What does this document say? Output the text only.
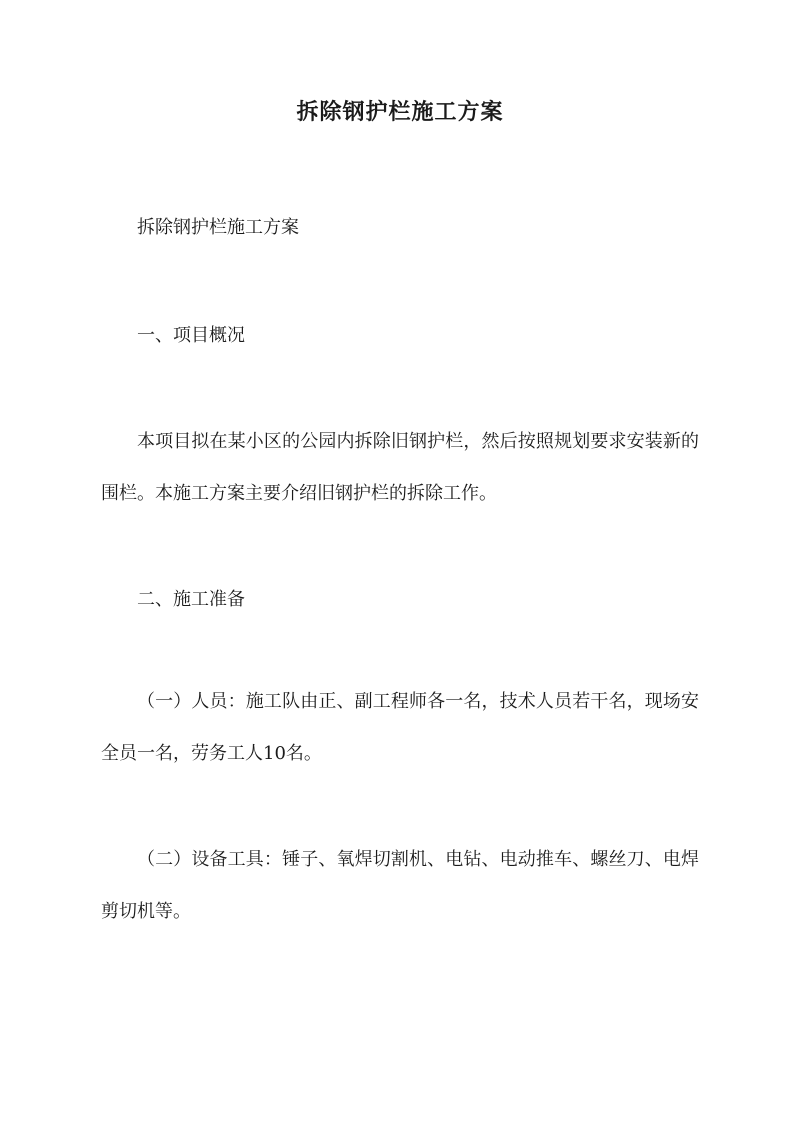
拆除钢护栏施工方案

拆除钢护栏施工方案

一、项目概况

本项目拟在某小区的公园内拆除旧钢护栏，然后按照规划要求安装新的围栏。本施工方案主要介绍旧钢护栏的拆除工作。

二、施工准备

（一）人员：施工队由正、副工程师各一名，技术人员若干名，现场安全员一名，劳务工人10名。

（二）设备工具：锤子、氧焊切割机、电钻、电动推车、螺丝刀、电焊剪切机等。
